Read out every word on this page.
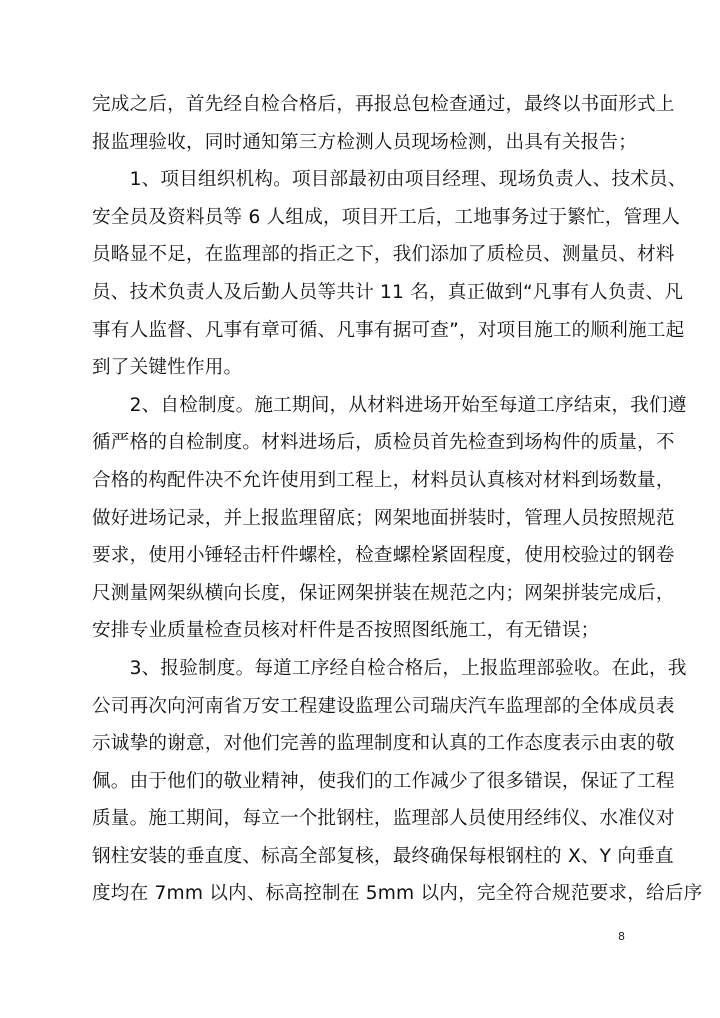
完成之后，首先经自检合格后，再报总包检查通过，最终以书面形式上
报监理验收，同时通知第三方检测人员现场检测，出具有关报告；
　　1、项目组织机构。项目部最初由项目经理、现场负责人、技术员、
安全员及资料员等 6 人组成，项目开工后，工地事务过于繁忙，管理人
员略显不足，在监理部的指正之下，我们添加了质检员、测量员、材料
员、技术负责人及后勤人员等共计 11 名，真正做到“凡事有人负责、凡
事有人监督、凡事有章可循、凡事有据可查”，对项目施工的顺利施工起
到了关键性作用。
　　2、自检制度。施工期间，从材料进场开始至每道工序结束，我们遵
循严格的自检制度。材料进场后，质检员首先检查到场构件的质量，不
合格的构配件决不允许使用到工程上，材料员认真核对材料到场数量，
做好进场记录，并上报监理留底；网架地面拼装时，管理人员按照规范
要求，使用小锤轻击杆件螺栓，检查螺栓紧固程度，使用校验过的钢卷
尺测量网架纵横向长度，保证网架拼装在规范之内；网架拼装完成后，
安排专业质量检查员核对杆件是否按照图纸施工，有无错误；
　　3、报验制度。每道工序经自检合格后，上报监理部验收。在此，我
公司再次向河南省万安工程建设监理公司瑞庆汽车监理部的全体成员表
示诚挚的谢意，对他们完善的监理制度和认真的工作态度表示由衷的敬
佩。由于他们的敬业精神，使我们的工作减少了很多错误，保证了工程
质量。施工期间，每立一个批钢柱，监理部人员使用经纬仪、水准仪对
钢柱安装的垂直度、标高全部复核，最终确保每根钢柱的 X、Y 向垂直
度均在 7mm 以内、标高控制在 5mm 以内，完全符合规范要求，给后序
8
